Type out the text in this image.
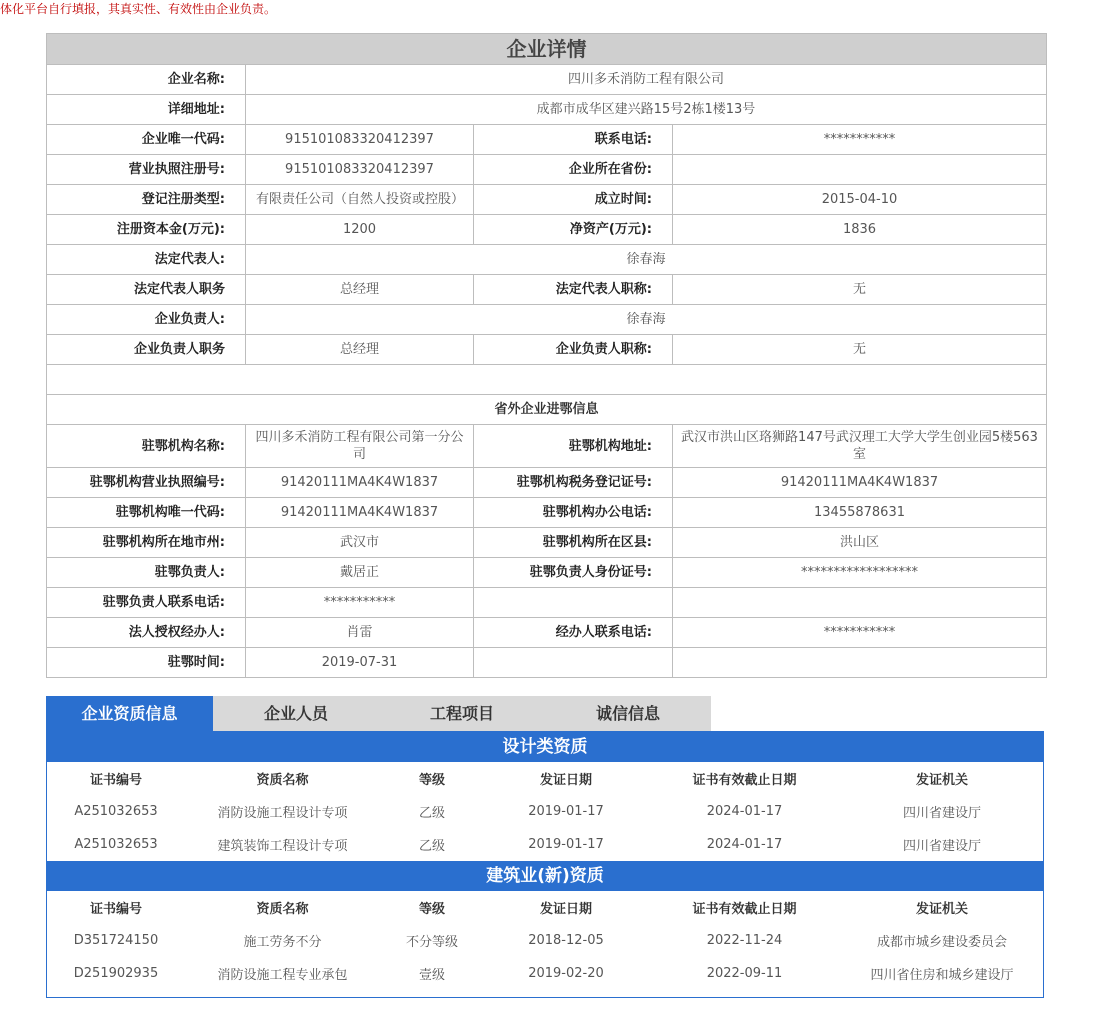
体化平台自行填报，其真实性、有效性由企业负责。
企业详情			
企业名称:	四川多禾消防工程有限公司		
详细地址:	成都市成华区建兴路15号2栋1楼13号		
企业唯一代码:	915101083320412397	联系电话:	***********
营业执照注册号:	915101083320412397	企业所在省份:	
登记注册类型:	有限责任公司（自然人投资或控股）	成立时间:	2015-04-10
注册资本金(万元):	1200	净资产(万元):	1836
法定代表人:	徐春海		
法定代表人职务	总经理	法定代表人职称:	无
企业负责人:	徐春海		
企业负责人职务	总经理	企业负责人职称:	无

省外企业进鄂信息			
驻鄂机构名称:	四川多禾消防工程有限公司第一分公司	驻鄂机构地址:	武汉市洪山区珞狮路147号武汉理工大学大学生创业园5楼563室
驻鄂机构营业执照编号:	91420111MA4K4W1837	驻鄂机构税务登记证号:	91420111MA4K4W1837
驻鄂机构唯一代码:	91420111MA4K4W1837	驻鄂机构办公电话:	13455878631
驻鄂机构所在地市州:	武汉市	驻鄂机构所在区县:	洪山区
驻鄂负责人:	戴居正	驻鄂负责人身份证号:	******************
驻鄂负责人联系电话:	***********		
法人授权经办人:	肖雷	经办人联系电话:	***********
驻鄂时间:	2019-07-31		
企业资质信息	企业人员	工程项目	诚信信息
设计类资质
证书编号	资质名称	等级	发证日期	证书有效截止日期	发证机关
A251032653	消防设施工程设计专项	乙级	2019-01-17	2024-01-17	四川省建设厅
A251032653	建筑装饰工程设计专项	乙级	2019-01-17	2024-01-17	四川省建设厅
建筑业(新)资质
证书编号	资质名称	等级	发证日期	证书有效截止日期	发证机关
D351724150	施工劳务不分	不分等级	2018-12-05	2022-11-24	成都市城乡建设委员会
D251902935	消防设施工程专业承包	壹级	2019-02-20	2022-09-11	四川省住房和城乡建设厅
